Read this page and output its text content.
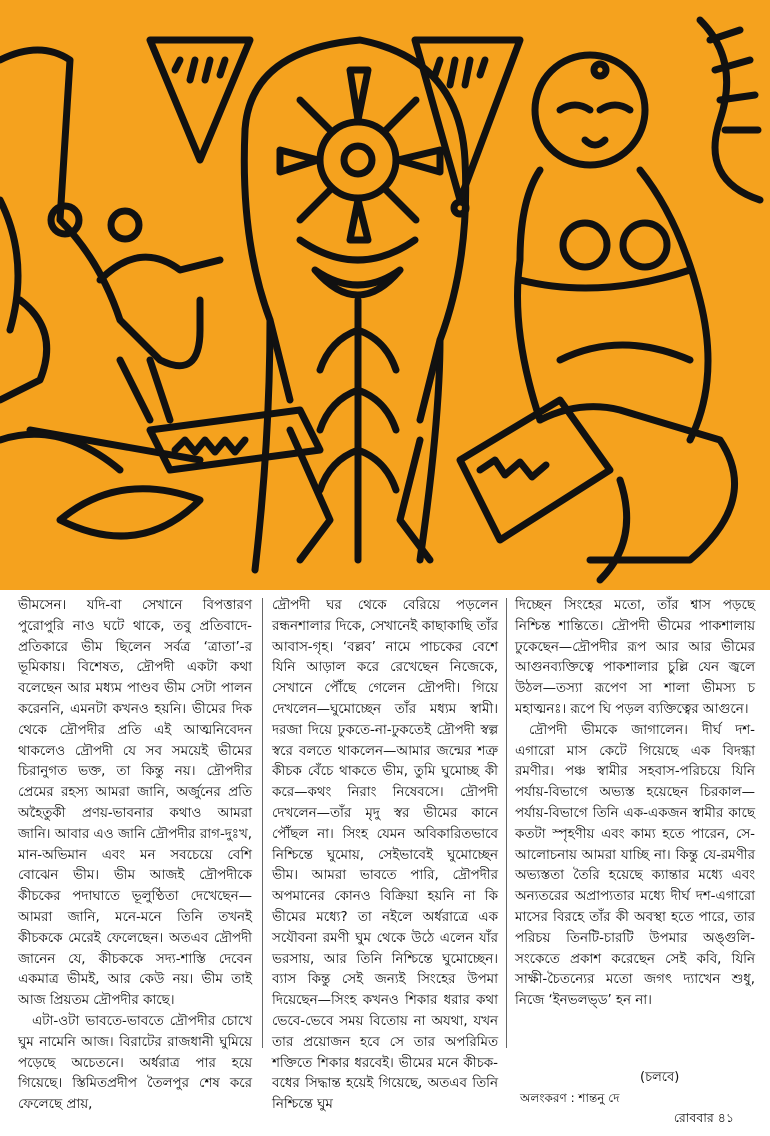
ভীমসেন। যদি-বা সেখানে বিপত্তারণ পুরোপুরি নাও ঘটে থাকে, তবু প্রতিবাদে-প্রতিকারে ভীম ছিলেন সর্বত্র ‘ত্রাতা’-র ভূমিকায়। বিশেষত, দ্রৌপদী একটা কথা বলেছেন আর মধ্যম পাণ্ডব ভীম সেটা পালন করেননি, এমনটা কখনও হয়নি। ভীমের দিক থেকে দ্রৌপদীর প্রতি এই আত্মনিবেদন থাকলেও দ্রৌপদী যে সব সময়েই ভীমের চিরানুগত ভক্ত, তা কিন্তু নয়। দ্রৌপদীর প্রেমের রহস্য আমরা জানি, অর্জুনের প্রতি অহৈতুকী প্রণয়-ভাবনার কথাও আমরা জানি। আবার এও জানি দ্রৌপদীর রাগ-দুঃখ, মান-অভিমান এবং মন সবচেয়ে বেশি বোঝেন ভীম। ভীম আজই দ্রৌপদীকে কীচকের পদাঘাতে ভূলুণ্ঠিতা দেখেছেন—আমরা জানি, মনে-মনে তিনি তখনই কীচককে মেরেই ফেলেছেন। অতএব দ্রৌপদী জানেন যে, কীচককে সদ্য-শাস্তি দেবেন একমাত্র ভীমই, আর কেউ নয়। ভীম তাই আজ প্রিয়তম দ্রৌপদীর কাছে।

এটা-ওটা ভাবতে-ভাবতে দ্রৌপদীর চোখে ঘুম নামেনি আজ। বিরাটের রাজধানী ঘুমিয়ে পড়েছে অচেতনে। অর্ধরাত্র পার হয়ে গিয়েছে। স্তিমিতপ্রদীপ তৈলপুর শেষ করে ফেলেছে প্রায়,

দ্রৌপদী ঘর থেকে বেরিয়ে পড়লেন রন্ধনশালার দিকে, সেখানেই কাছাকাছি তাঁর আবাস-গৃহ। ‘বল্লব’ নামে পাচকের বেশে যিনি আড়াল করে রেখেছেন নিজেকে, সেখানে পৌঁছে গেলেন দ্রৌপদী। গিয়ে দেখলেন—ঘুমোচ্ছেন তাঁর মধ্যম স্বামী। দরজা দিয়ে ঢুকতে-না-ঢুকতেই দ্রৌপদী স্বল্প স্বরে বলতে থাকলেন—আমার জন্মের শত্রু কীচক বেঁচে থাকতে ভীম, তুমি ঘুমোচ্ছ কী করে—কথং নিরাং নিষেবসে। দ্রৌপদী দেখলেন—তাঁর মৃদু স্বর ভীমের কানে পৌঁছল না। সিংহ যেমন অবিকারিতভাবে নিশ্চিন্তে ঘুমোয়, সেইভাবেই ঘুমোচ্ছেন ভীম। আমরা ভাবতে পারি, দ্রৌপদীর অপমানের কোনও বিক্রিয়া হয়নি না কি ভীমের মধ্যে? তা নইলে অর্ধরাত্রে এক সযৌবনা রমণী ঘুম থেকে উঠে এলেন যাঁর ভরসায়, আর তিনি নিশ্চিন্তে ঘুমোচ্ছেন। ব্যাস কিন্তু সেই জন্যই সিংহের উপমা দিয়েছেন—সিংহ কখনও শিকার ধরার কথা ভেবে-ভেবে সময় বিতোয় না অযথা, যখন তার প্রয়োজন হবে সে তার অপরিমিত শক্তিতে শিকার ধরবেই। ভীমের মনে কীচক-বধের সিদ্ধান্ত হয়েই গিয়েছে, অতএব তিনি নিশ্চিন্তে ঘুম

দিচ্ছেন সিংহের মতো, তাঁর শ্বাস পড়ছে নিশ্চিন্ত শান্তিতে। দ্রৌপদী ভীমের পাকশালায় ঢুকেছেন—দ্রৌপদীর রূপ আর আর ভীমের আগুনব্যক্তিত্বে পাকশালার চুল্লি যেন জ্বলে উঠল—তস্যা রূপেণ সা শালা ভীমস্য চ মহাত্মনঃ। রূপে ঘি পড়ল ব্যক্তিত্বের আগুনে।

দ্রৌপদী ভীমকে জাগালেন। দীর্ঘ দশ-এগারো মাস কেটে গিয়েছে এক বিদগ্ধা রমণীর। পঞ্চ স্বামীর সহবাস-পরিচয়ে যিনি পর্যায়-বিভাগে অভ্যস্ত হয়েছেন চিরকাল—পর্যায়-বিভাগে তিনি এক-একজন স্বামীর কাছে কতটা স্পৃহণীয় এবং কাম্য হতে পারেন, সে-আলোচনায় আমরা যাচ্ছি না। কিন্তু যে-রমণীর অভ্যস্ততা তৈরি হয়েছে ক্যান্তার মধ্যে এবং অন্যতরের অপ্রাপ্যতার মধ্যে দীর্ঘ দশ-এগারো মাসের বিরহে তাঁর কী অবস্থা হতে পারে, তার পরিচয় তিনটি-চারটি উপমার অঙ্গুলি-সংকেতে প্রকাশ করেছেন সেই কবি, যিনি সাক্ষী-চৈতন্যের মতো জগৎ দ্যাখেন শুধু, নিজে ‘ইনভলভ্ড’ হন না।

(চলবে)
অলংকরণ : শান্তনু দে
রোববার ৪১
